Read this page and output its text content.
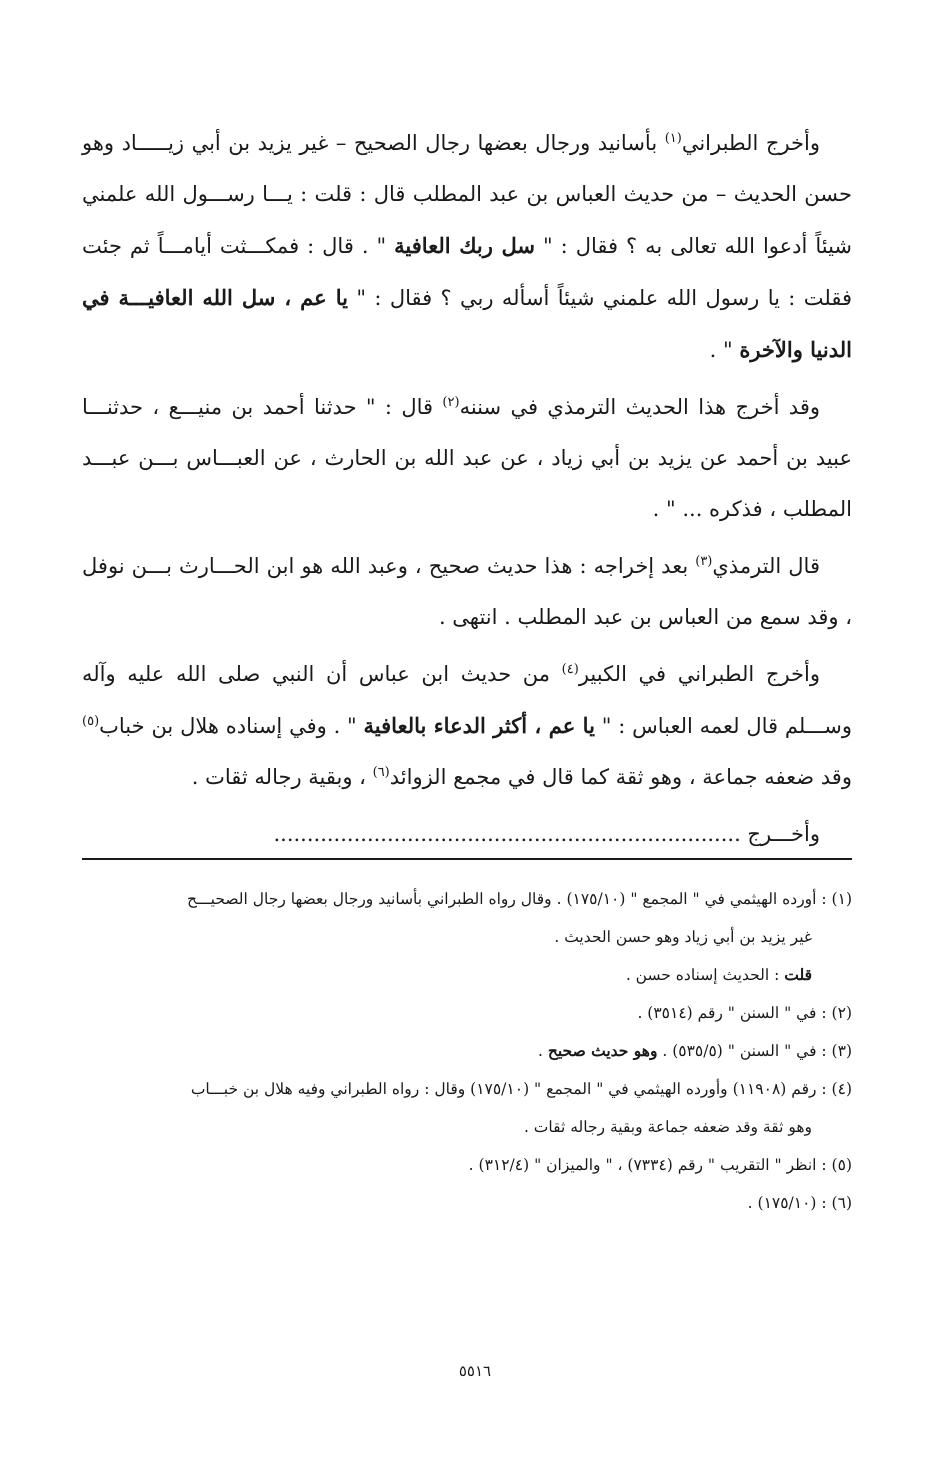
وأخرج الطبراني$^{(١)}$ بأسانيد ورجال بعضها رجال الصحيح – غير يزيد بن أبي زيـــــاد وهو حسن الحديث – من حديث العباس بن عبد المطلب قال : قلت : يـــا رســـول الله علمني شيئاً أدعوا الله تعالى به ؟ فقال : " سل ربك العافية " . قال : فمكـــثت أيامـــاً ثم جئت فقلت : يا رسول الله علمني شيئاً أسأله ربي ؟ فقال : " يا عم ، سل الله العافيـــة في الدنيا والآخرة " .

وقد أخرج هذا الحديث الترمذي في سننه$^{(٢)}$ قال : " حدثنا أحمد بن منيـــع ، حدثنـــا عبيد بن أحمد عن يزيد بن أبي زياد ، عن عبد الله بن الحارث ، عن العبـــاس بـــن عبـــد المطلب ، فذكره ... " .

قال الترمذي$^{(٣)}$ بعد إخراجه : هذا حديث صحيح ، وعبد الله هو ابن الحـــارث بـــن نوفل ، وقد سمع من العباس بن عبد المطلب . انتهى .

وأخرج الطبراني في الكبير$^{(٤)}$ من حديث ابن عباس أن النبي صلى الله عليه وآله وســـلم قال لعمه العباس : " يا عم ، أكثر الدعاء بالعافية " . وفي إسناده هلال بن خباب$^{(٥)}$ وقد ضعفه جماعة ، وهو ثقة كما قال في مجمع الزوائد$^{(٦)}$ ، وبقية رجاله ثقات .

وأخـــرج ......................................................................

(١) : أورده الهيثمي في " المجمع " (١٧٥/١٠) . وقال رواه الطبراني بأسانيد ورجال بعضها رجال الصحيـــح

غير يزيد بن أبي زياد وهو حسن الحديث .

قلت : الحديث إسناده حسن .

(٢) : في " السنن " رقم (٣٥١٤) .

(٣) : في " السنن " (٥٣٥/٥) . وهو حديث صحيح .

(٤) : رقم (١١٩٠٨) وأورده الهيثمي في " المجمع " (١٧٥/١٠) وقال : رواه الطبراني وفيه هلال بن خبـــاب

وهو ثقة وقد ضعفه جماعة وبقية رجاله ثقات .

(٥) : انظر " التقريب " رقم (٧٣٣٤) ، " والميزان " (٣١٢/٤) .

(٦) : (١٧٥/١٠) .

٥٥١٦
